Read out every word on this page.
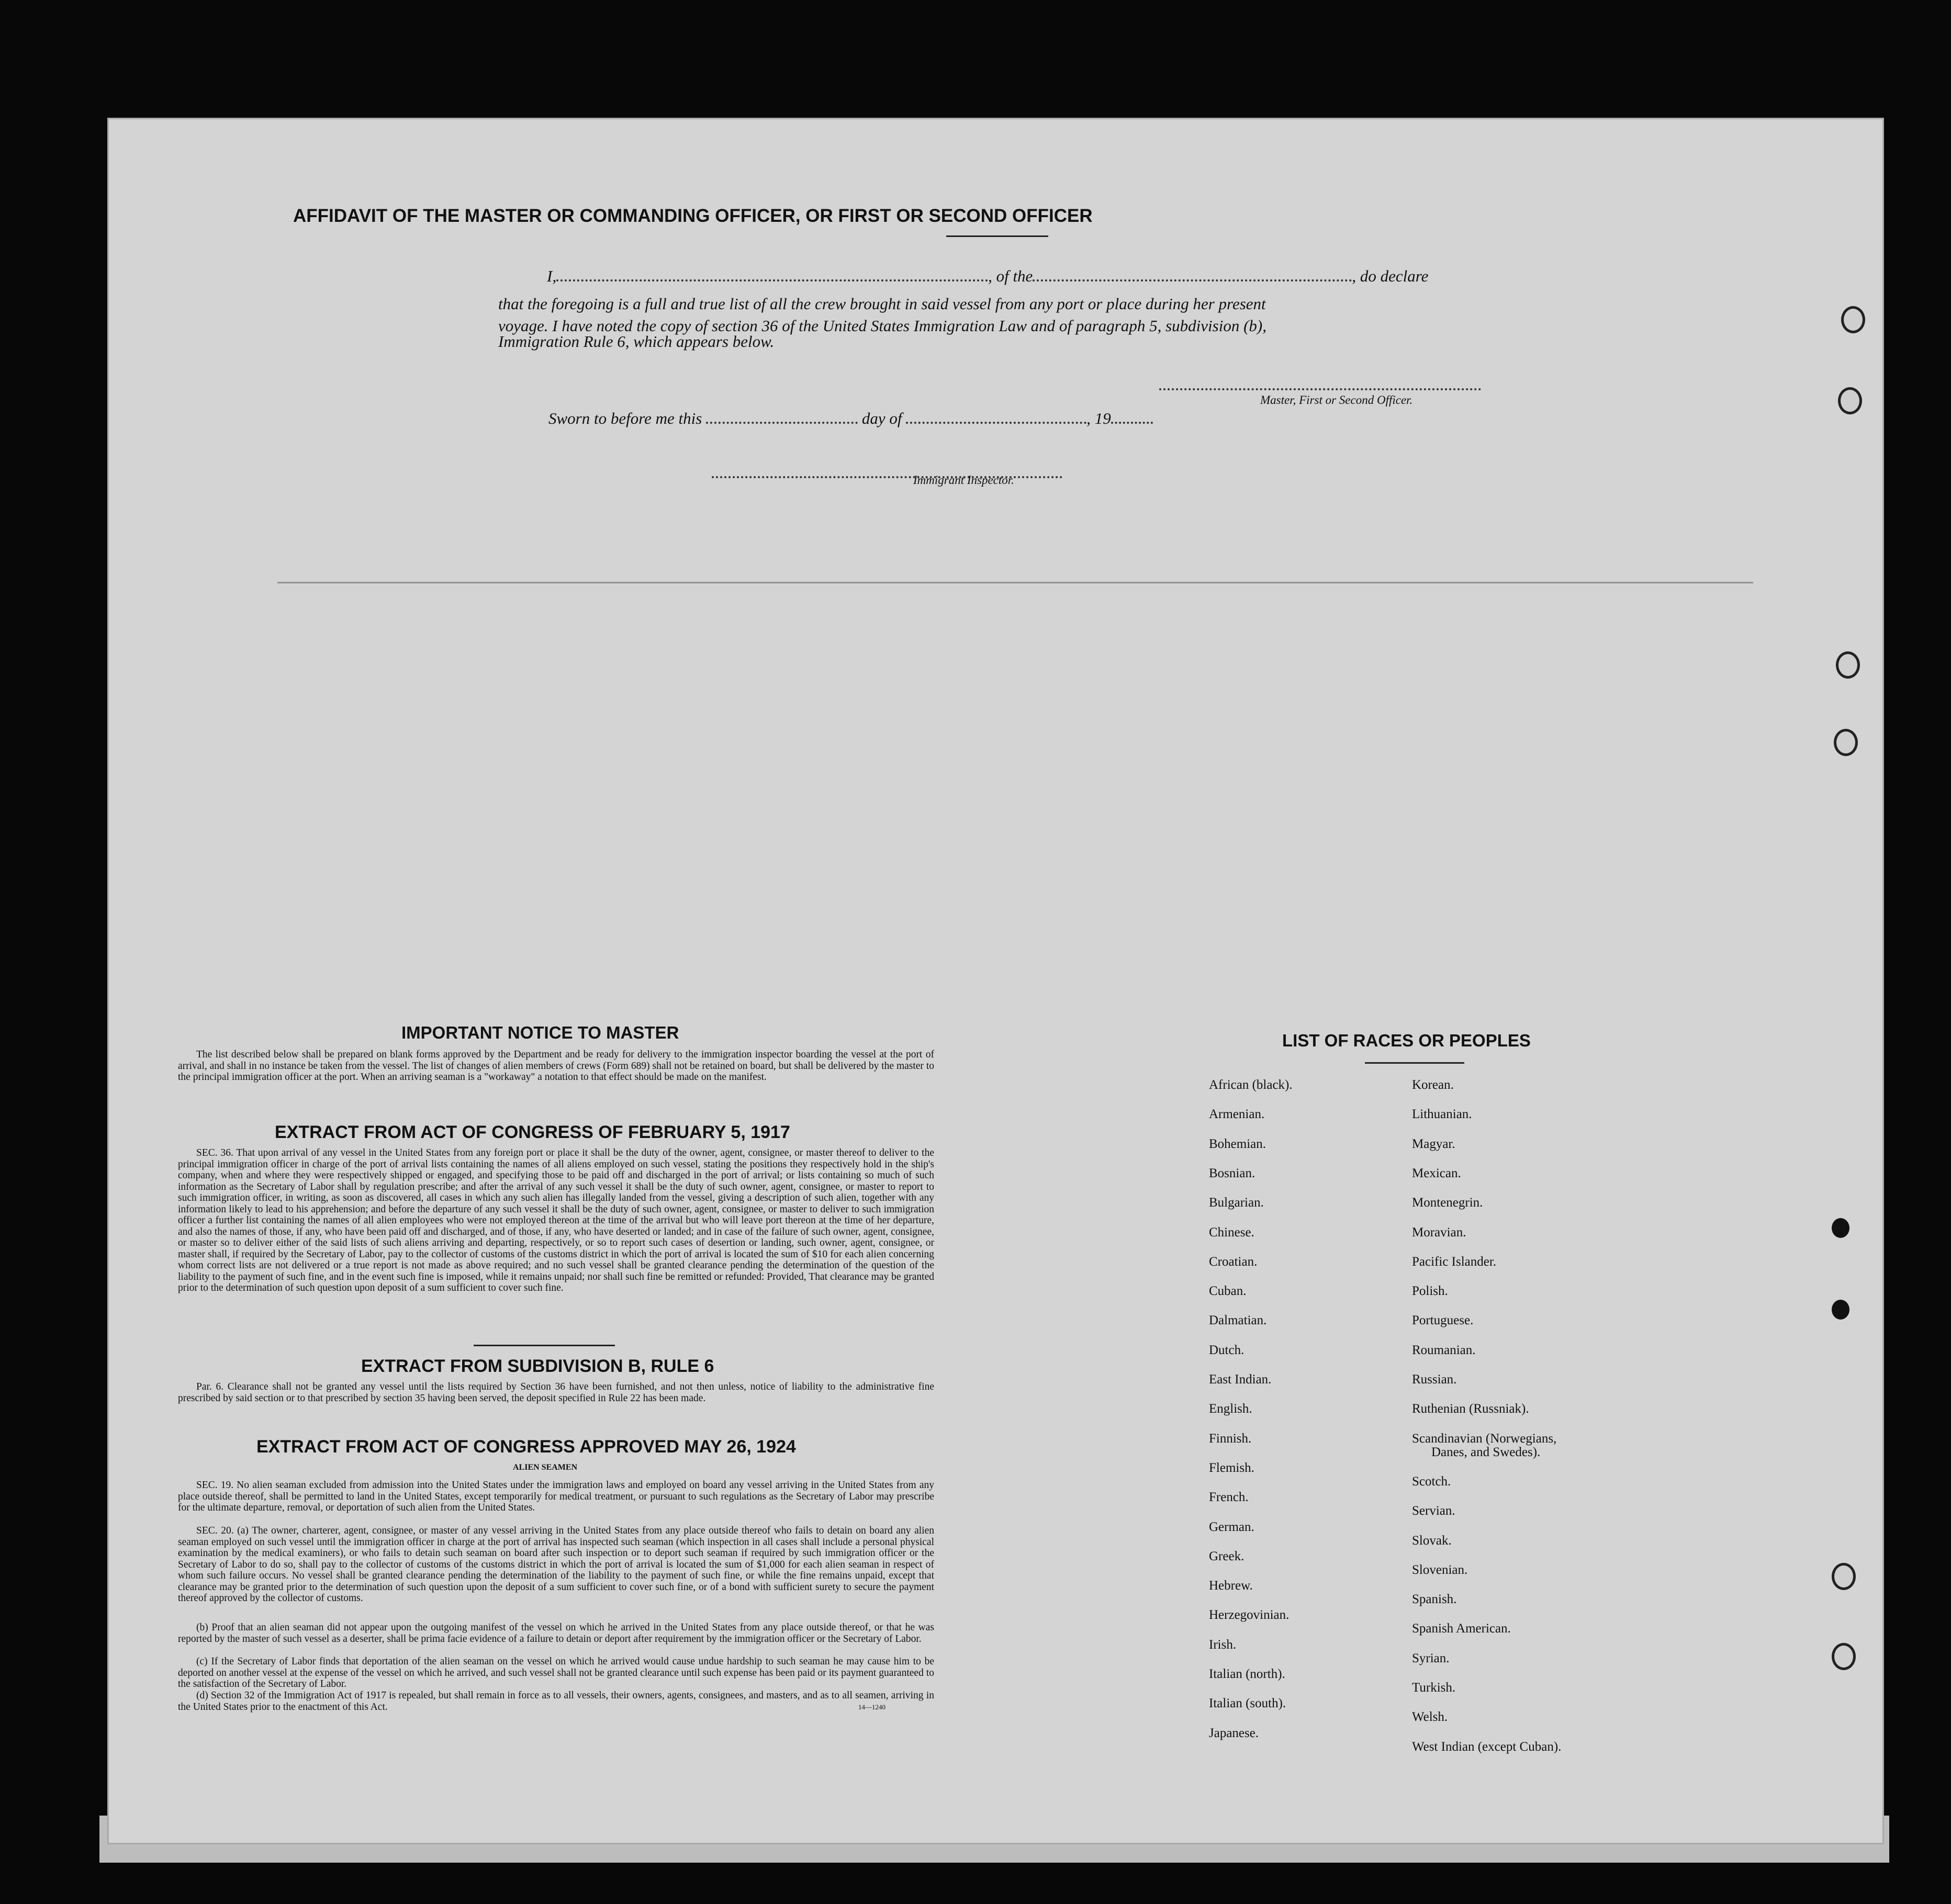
AFFIDAVIT OF THE MASTER OR COMMANDING OFFICER, OR FIRST OR SECOND OFFICER
I,	, of the	, do declare
that the foregoing is a full and true list of all the crew brought in said vessel from any port or place during her present
voyage. I have noted the copy of section 36 of the United States Immigration Law and of paragraph 5, subdivision (b),
Immigration Rule 6, which appears below.
Master, First or Second Officer.
Sworn to before me this	day of	, 19
Immigrant Inspector.
IMPORTANT NOTICE TO MASTER
The list described below shall be prepared on blank forms approved by the Department and be ready for delivery to the immigration inspector boarding the vessel at the port of arrival, and shall in no instance be taken from the vessel. The list of changes of alien members of crews (Form 689) shall not be retained on board, but shall be delivered by the master to the principal immigration officer at the port. When an arriving seaman is a "workaway" a notation to that effect should be made on the manifest.
EXTRACT FROM ACT OF CONGRESS OF FEBRUARY 5, 1917
SEC. 36. That upon arrival of any vessel in the United States from any foreign port or place it shall be the duty of the owner, agent, consignee, or master thereof to deliver to the principal immigration officer in charge of the port of arrival lists containing the names of all aliens employed on such vessel, stating the positions they respectively hold in the ship's company, when and where they were respectively shipped or engaged, and specifying those to be paid off and discharged in the port of arrival; or lists containing so much of such information as the Secretary of Labor shall by regulation prescribe; and after the arrival of any such vessel it shall be the duty of such owner, agent, consignee, or master to report to such immigration officer, in writing, as soon as discovered, all cases in which any such alien has illegally landed from the vessel, giving a description of such alien, together with any information likely to lead to his apprehension; and before the departure of any such vessel it shall be the duty of such owner, agent, consignee, or master to deliver to such immigration officer a further list containing the names of all alien employees who were not employed thereon at the time of the arrival but who will leave port thereon at the time of her departure, and also the names of those, if any, who have been paid off and discharged, and of those, if any, who have deserted or landed; and in case of the failure of such owner, agent, consignee, or master so to deliver either of the said lists of such aliens arriving and departing, respectively, or so to report such cases of desertion or landing, such owner, agent, consignee, or master shall, if required by the Secretary of Labor, pay to the collector of customs of the customs district in which the port of arrival is located the sum of $10 for each alien concerning whom correct lists are not delivered or a true report is not made as above required; and no such vessel shall be granted clearance pending the determination of the question of the liability to the payment of such fine, and in the event such fine is imposed, while it remains unpaid; nor shall such fine be remitted or refunded: Provided, That clearance may be granted prior to the determination of such question upon deposit of a sum sufficient to cover such fine.
EXTRACT FROM SUBDIVISION B, RULE 6
Par. 6. Clearance shall not be granted any vessel until the lists required by Section 36 have been furnished, and not then unless, notice of liability to the administrative fine prescribed by said section or to that prescribed by section 35 having been served, the deposit specified in Rule 22 has been made.
EXTRACT FROM ACT OF CONGRESS APPROVED MAY 26, 1924
ALIEN SEAMEN
SEC. 19. No alien seaman excluded from admission into the United States under the immigration laws and employed on board any vessel arriving in the United States from any place outside thereof, shall be permitted to land in the United States, except temporarily for medical treatment, or pursuant to such regulations as the Secretary of Labor may prescribe for the ultimate departure, removal, or deportation of such alien from the United States.
SEC. 20. (a) The owner, charterer, agent, consignee, or master of any vessel arriving in the United States from any place outside thereof who fails to detain on board any alien seaman employed on such vessel until the immigration officer in charge at the port of arrival has inspected such seaman (which inspection in all cases shall include a personal physical examination by the medical examiners), or who fails to detain such seaman on board after such inspection or to deport such seaman if required by such immigration officer or the Secretary of Labor to do so, shall pay to the collector of customs of the customs district in which the port of arrival is located the sum of $1,000 for each alien seaman in respect of whom such failure occurs. No vessel shall be granted clearance pending the determination of the liability to the payment of such fine, or while the fine remains unpaid, except that clearance may be granted prior to the determination of such question upon the deposit of a sum sufficient to cover such fine, or of a bond with sufficient surety to secure the payment thereof approved by the collector of customs.
(b) Proof that an alien seaman did not appear upon the outgoing manifest of the vessel on which he arrived in the United States from any place outside thereof, or that he was reported by the master of such vessel as a deserter, shall be prima facie evidence of a failure to detain or deport after requirement by the immigration officer or the Secretary of Labor.
(c) If the Secretary of Labor finds that deportation of the alien seaman on the vessel on which he arrived would cause undue hardship to such seaman he may cause him to be deported on another vessel at the expense of the vessel on which he arrived, and such vessel shall not be granted clearance until such expense has been paid or its payment guaranteed to the satisfaction of the Secretary of Labor.
(d) Section 32 of the Immigration Act of 1917 is repealed, but shall remain in force as to all vessels, their owners, agents, consignees, and masters, and as to all seamen, arriving in the United States prior to the enactment of this Act.	14—1240
LIST OF RACES OR PEOPLES
African (black).
Armenian.
Bohemian.
Bosnian.
Bulgarian.
Chinese.
Croatian.
Cuban.
Dalmatian.
Dutch.
East Indian.
English.
Finnish.
Flemish.
French.
German.
Greek.
Hebrew.
Herzegovinian.
Irish.
Italian (north).
Italian (south).
Japanese.
Korean.
Lithuanian.
Magyar.
Mexican.
Montenegrin.
Moravian.
Pacific Islander.
Polish.
Portuguese.
Roumanian.
Russian.
Ruthenian (Russniak).
Scandinavian (Norwegians,
Danes, and Swedes).
Scotch.
Servian.
Slovak.
Slovenian.
Spanish.
Spanish American.
Syrian.
Turkish.
Welsh.
West Indian (except Cuban).
